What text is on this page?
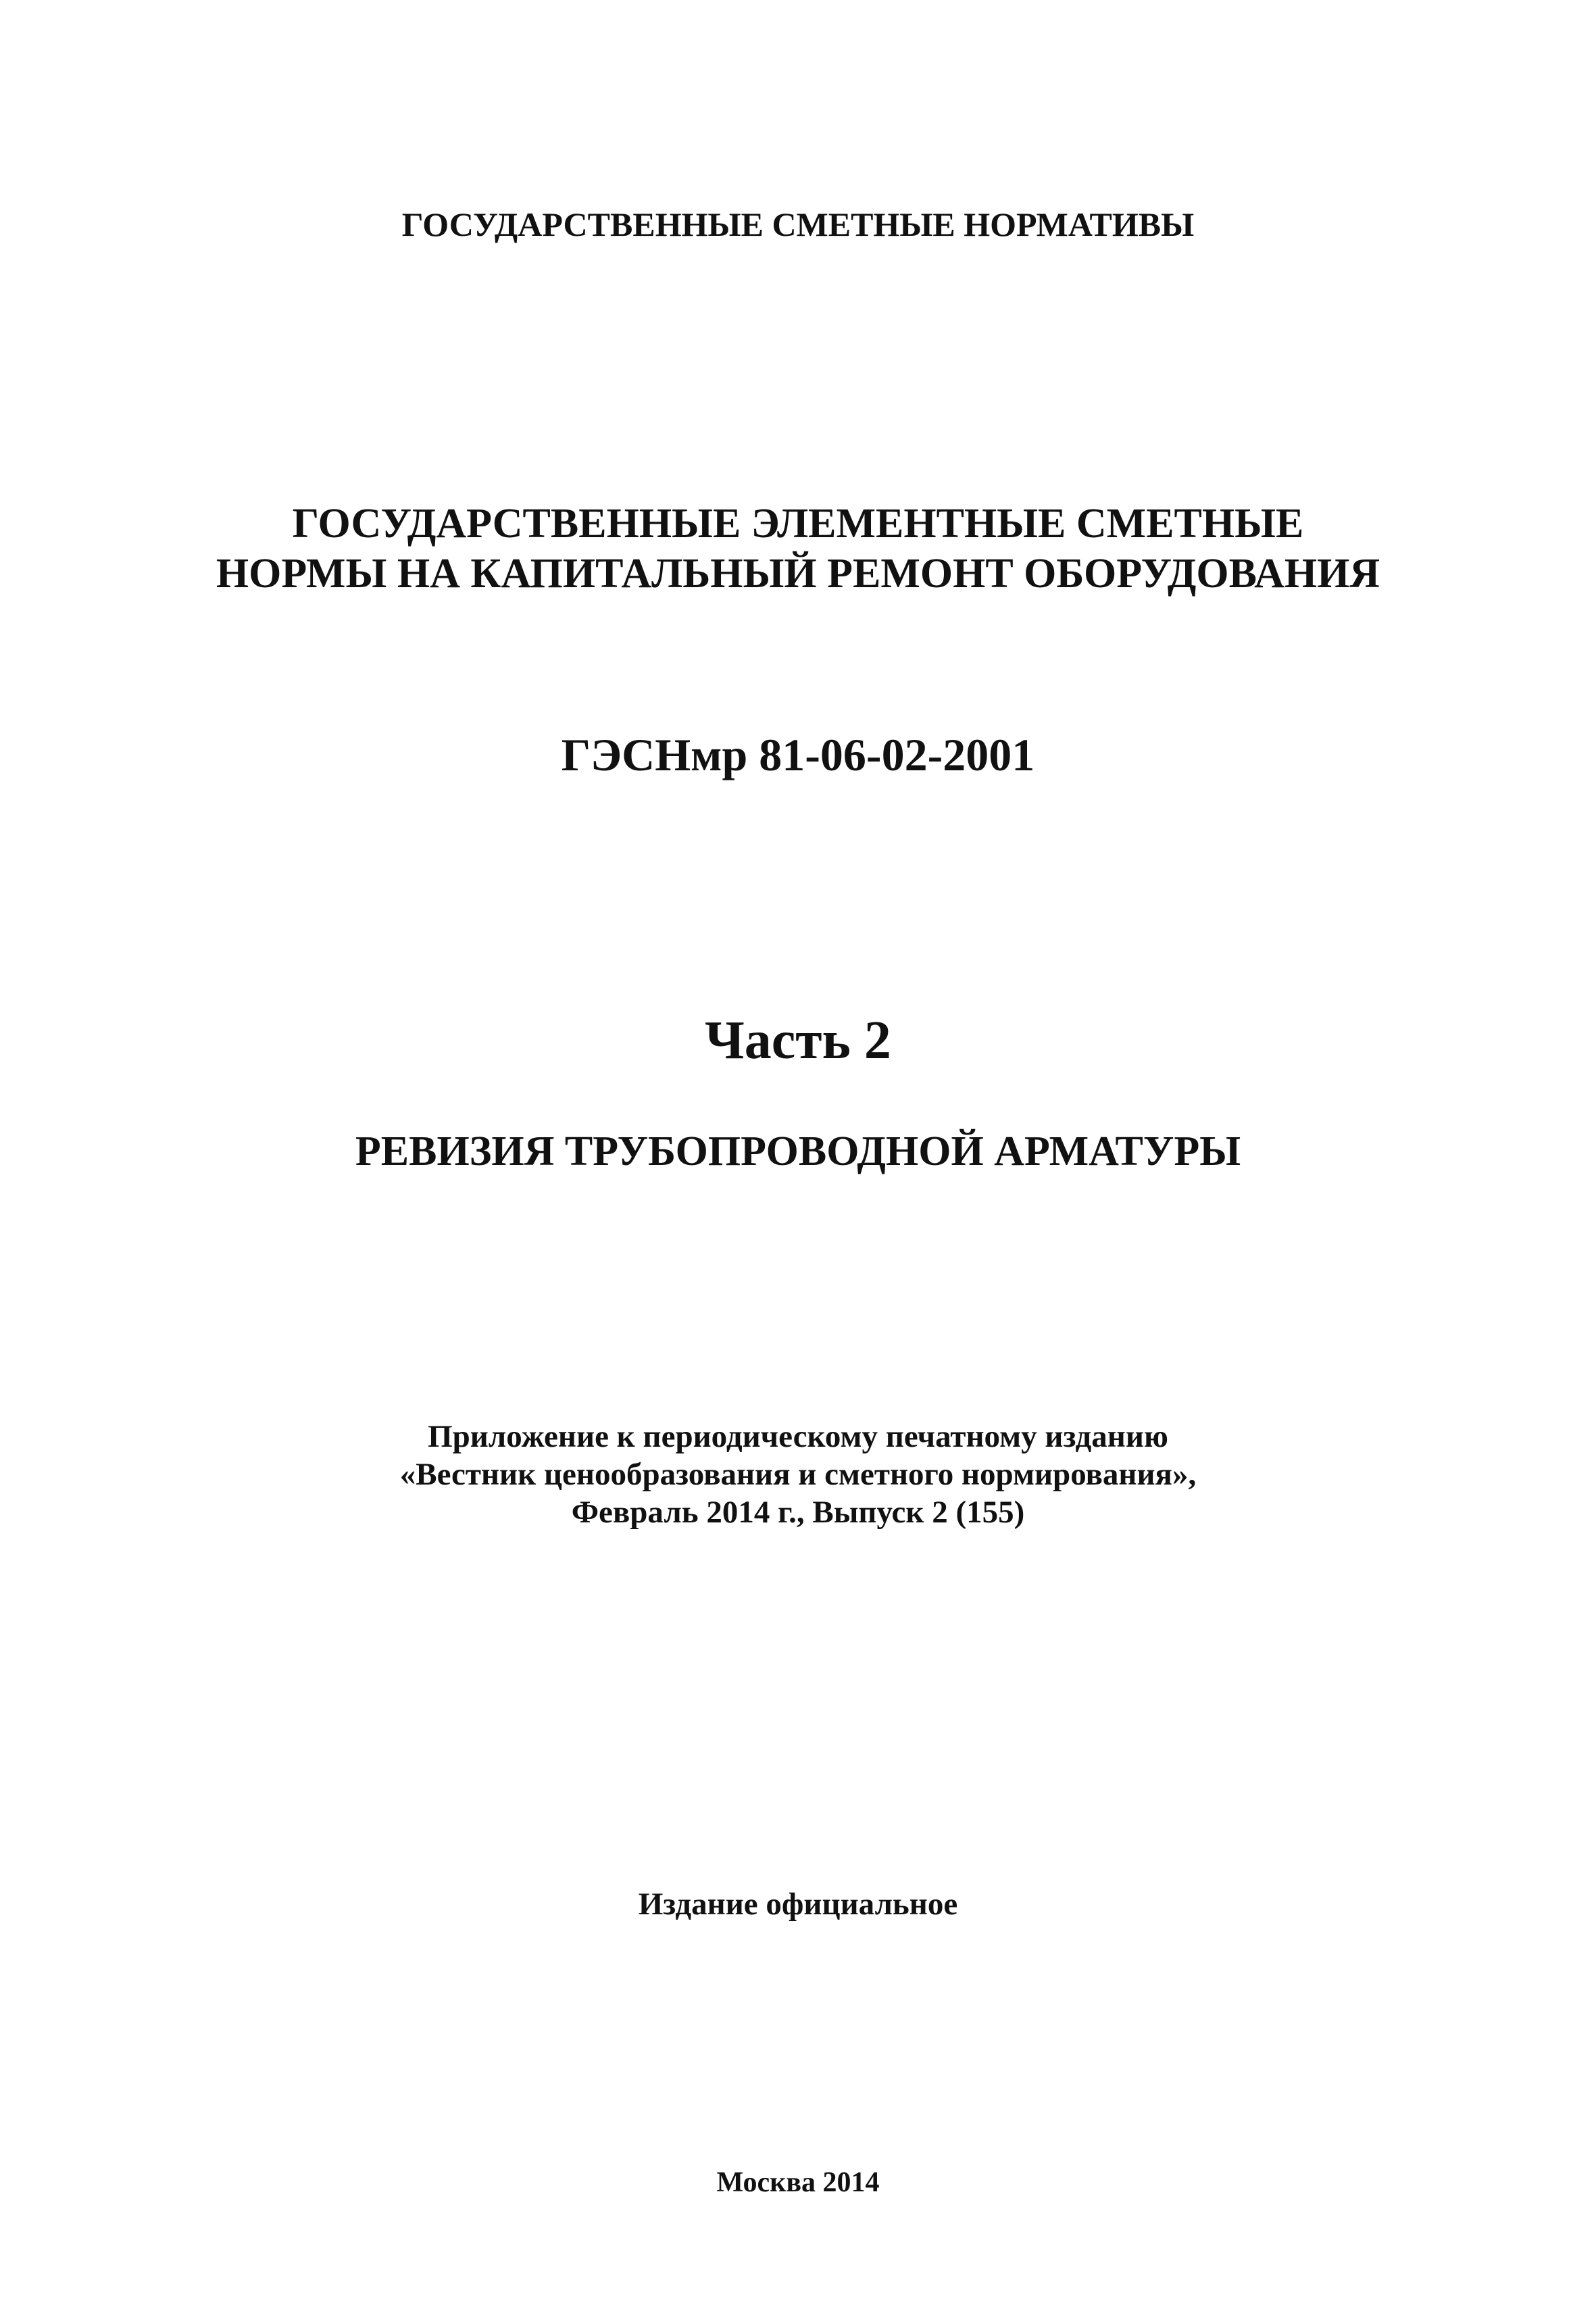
ГОСУДАРСТВЕННЫЕ СМЕТНЫЕ НОРМАТИВЫ

ГОСУДАРСТВЕННЫЕ ЭЛЕМЕНТНЫЕ СМЕТНЫЕ
НОРМЫ НА КАПИТАЛЬНЫЙ РЕМОНТ ОБОРУДОВАНИЯ

ГЭСНмр 81-06-02-2001

Часть 2

РЕВИЗИЯ ТРУБОПРОВОДНОЙ АРМАТУРЫ

Приложение к периодическому печатному изданию
«Вестник ценообразования и сметного нормирования»,
Февраль 2014 г., Выпуск 2 (155)

Издание официальное

Москва 2014
